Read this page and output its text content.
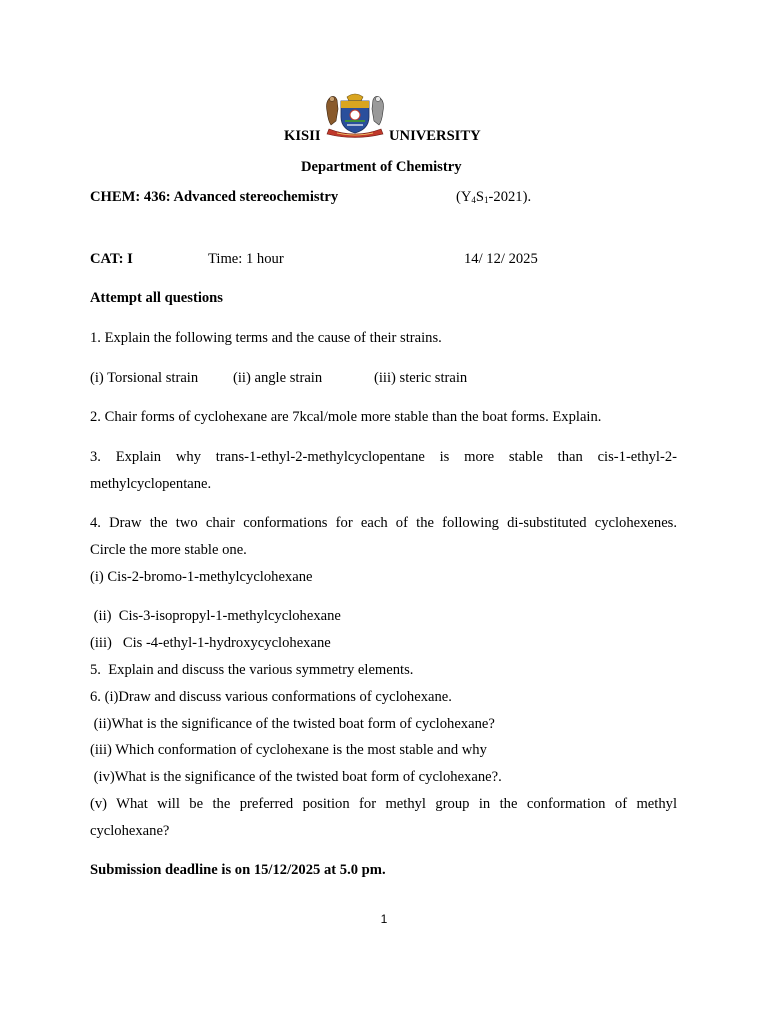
KISII	UNIVERSITY
Department of Chemistry
CHEM: 436: Advanced stereochemistry	$(Y_4S_1-2021)$.
CAT: I	Time: 1 hour	14/ 12/ 2025
Attempt all questions
1. Explain the following terms and the cause of their strains.
(i) Torsional strain (ii) angle strain	(iii) steric strain
2. Chair forms of cyclohexane are 7kcal/mole more stable than the boat forms. Explain.
3. Explain why trans-1-ethyl-2-methylcyclopentane is more stable than cis-1-ethyl-2-
methylcyclopentane.
4. Draw the two chair conformations for each of the following di-substituted cyclohexenes.
Circle the more stable one.
(i) Cis-2-bromo-1-methylcyclohexane
(ii)  Cis-3-isopropyl-1-methylcyclohexane
(iii)   Cis -4-ethyl-1-hydroxycyclohexane
5.  Explain and discuss the various symmetry elements.
6. (i)Draw and discuss various conformations of cyclohexane.
(ii)What is the significance of the twisted boat form of cyclohexane?
(iii) Which conformation of cyclohexane is the most stable and why
(iv)What is the significance of the twisted boat form of cyclohexane?.
(v) What will be the preferred position for methyl group in the conformation of methyl
cyclohexane?
Submission deadline is on 15/12/2025 at 5.0 pm.
1
